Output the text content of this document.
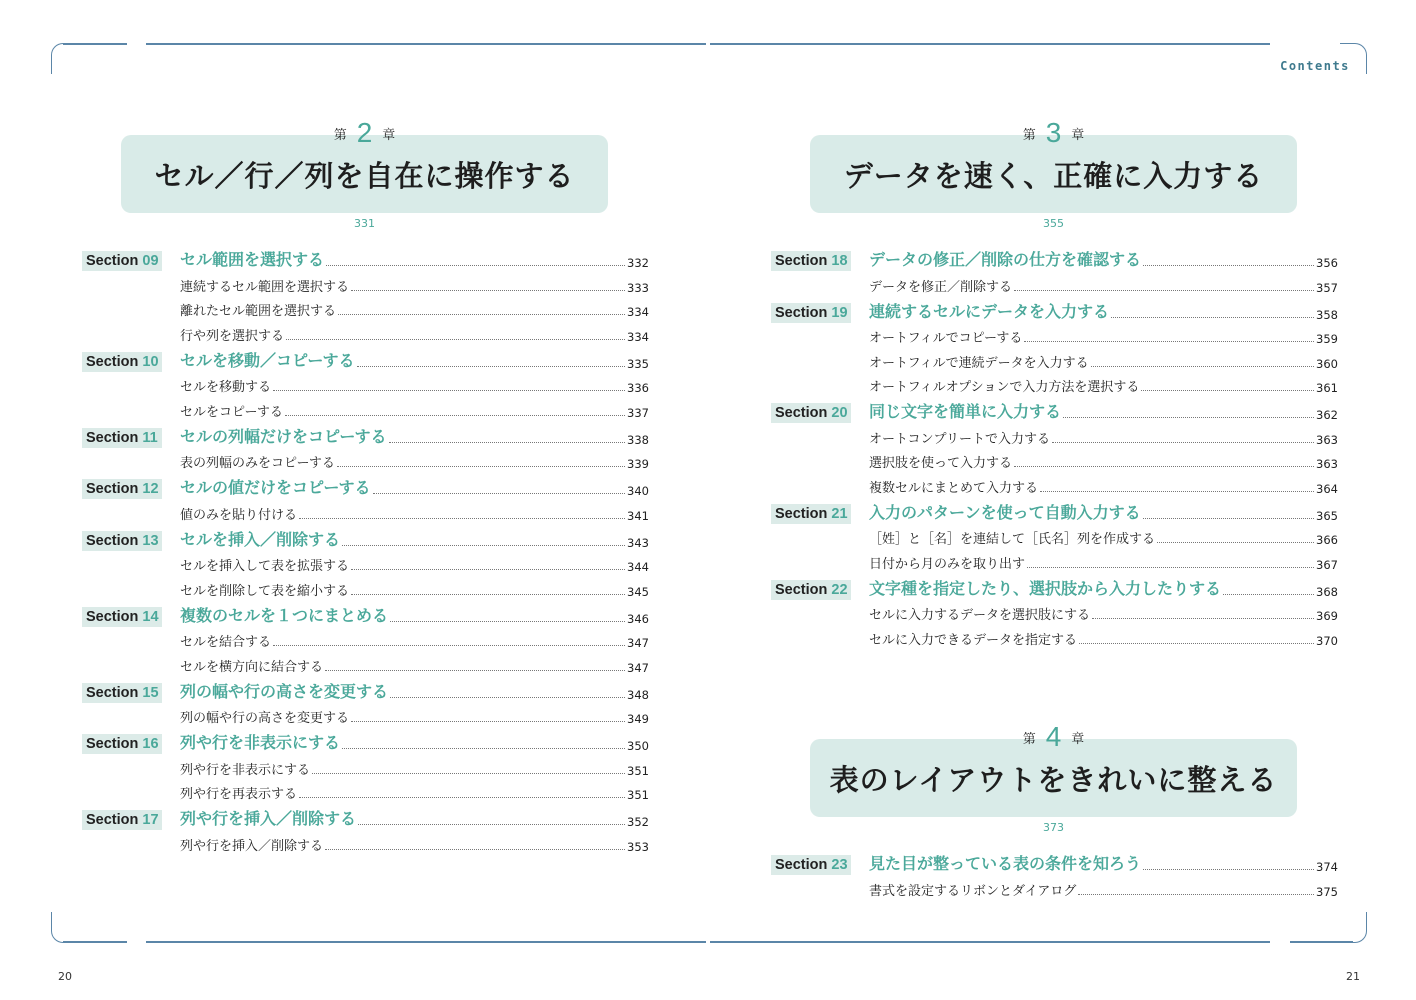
Contents
第 2 章
セル／行／列を自在に操作する
331
第 3 章
データを速く、正確に入力する
355
第 4 章
表のレイアウトをきれいに整える
373
Section 09 セル範囲を選択する	332
連続するセル範囲を選択する	333
離れたセル範囲を選択する	334
行や列を選択する	334
Section 10 セルを移動／コピーする	335
セルを移動する	336
セルをコピーする	337
Section 11 セルの列幅だけをコピーする	338
表の列幅のみをコピーする	339
Section 12 セルの値だけをコピーする	340
値のみを貼り付ける	341
Section 13 セルを挿入／削除する	343
セルを挿入して表を拡張する	344
セルを削除して表を縮小する	345
Section 14 複数のセルを１つにまとめる	346
セルを結合する	347
セルを横方向に結合する	347
Section 15 列の幅や行の高さを変更する	348
列の幅や行の高さを変更する	349
Section 16 列や行を非表示にする	350
列や行を非表示にする	351
列や行を再表示する	351
Section 17 列や行を挿入／削除する	352
列や行を挿入／削除する	353
Section 18 データの修正／削除の仕方を確認する	356
データを修正／削除する	357
Section 19 連続するセルにデータを入力する	358
オートフィルでコピーする	359
オートフィルで連続データを入力する	360
オートフィルオプションで入力方法を選択する	361
Section 20 同じ文字を簡単に入力する	362
オートコンプリートで入力する	363
選択肢を使って入力する	363
複数セルにまとめて入力する	364
Section 21 入力のパターンを使って自動入力する	365
［姓］と［名］を連結して［氏名］列を作成する	366
日付から月のみを取り出す	367
Section 22 文字種を指定したり、選択肢から入力したりする	368
セルに入力するデータを選択肢にする	369
セルに入力できるデータを指定する	370
Section 23 見た目が整っている表の条件を知ろう	374
書式を設定するリボンとダイアログ	375
20	21
